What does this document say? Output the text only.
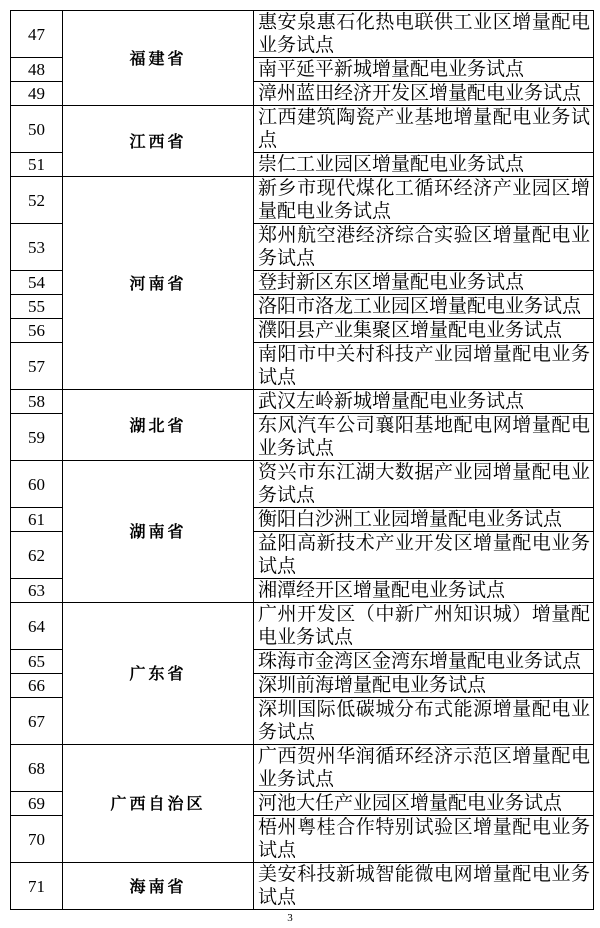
47	福建省	惠安泉惠石化热电联供工业区增量配电业务试点
48		南平延平新城增量配电业务试点
49		漳州蓝田经济开发区增量配电业务试点
50	江西省	江西建筑陶瓷产业基地增量配电业务试点
51		崇仁工业园区增量配电业务试点
52	河南省	新乡市现代煤化工循环经济产业园区增量配电业务试点
53		郑州航空港经济综合实验区增量配电业务试点
54		登封新区东区增量配电业务试点
55		洛阳市洛龙工业园区增量配电业务试点
56		濮阳县产业集聚区增量配电业务试点
57		南阳市中关村科技产业园增量配电业务试点
58	湖北省	武汉左岭新城增量配电业务试点
59		东风汽车公司襄阳基地配电网增量配电业务试点
60	湖南省	资兴市东江湖大数据产业园增量配电业务试点
61		衡阳白沙洲工业园增量配电业务试点
62		益阳高新技术产业开发区增量配电业务试点
63		湘潭经开区增量配电业务试点
64	广东省	广州开发区（中新广州知识城）增量配电业务试点
65		珠海市金湾区金湾东增量配电业务试点
66		深圳前海增量配电业务试点
67		深圳国际低碳城分布式能源增量配电业务试点
68	广西自治区	广西贺州华润循环经济示范区增量配电业务试点
69		河池大任产业园区增量配电业务试点
70		梧州粤桂合作特别试验区增量配电业务试点
71	海南省	美安科技新城智能微电网增量配电业务试点
3
